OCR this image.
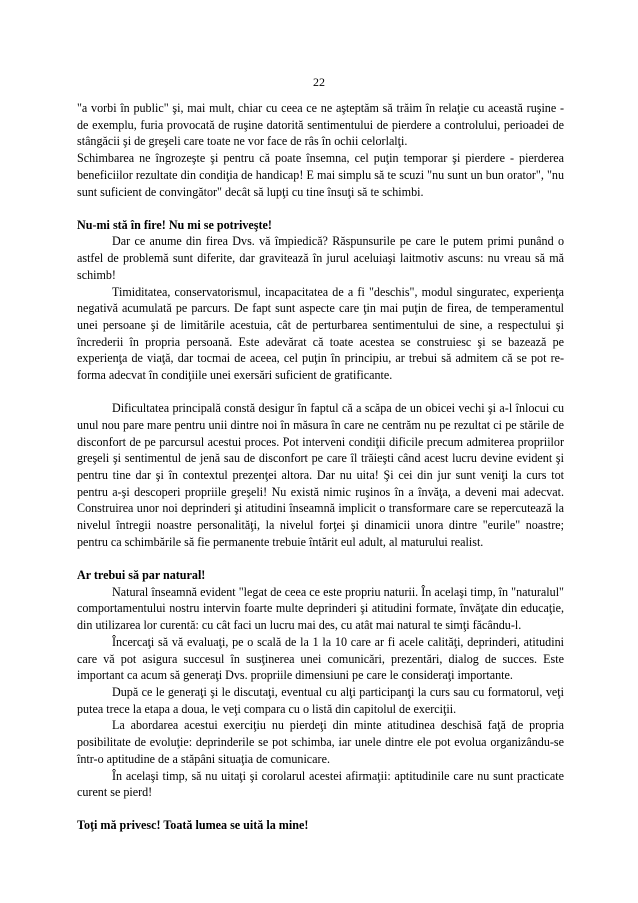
22

"a vorbi în public" şi, mai mult, chiar cu ceea ce ne aşteptăm să trăim în relaţie cu această ruşine - de exemplu, furia provocată de ruşine datorită sentimentului de pierdere a controlului, perioadei de stângăcii şi de greşeli care toate ne vor face de râs în ochii celorlalţi.

Schimbarea ne îngrozeşte şi pentru că poate însemna, cel puţin temporar şi pierdere - pierderea beneficiilor rezultate din condiţia de handicap! E mai simplu să te scuzi "nu sunt un bun orator", "nu sunt suficient de convingător" decât să lupţi cu tine însuţi să te schimbi.

Nu-mi stă în fire! Nu mi se potriveşte!

Dar ce anume din firea Dvs. vă împiedică? Răspunsurile pe care le putem primi punând o astfel de problemă sunt diferite, dar gravitează în jurul aceluiaşi laitmotiv ascuns: nu vreau să mă schimb!

Timiditatea, conservatorismul, incapacitatea de a fi "deschis", modul singuratec, experienţa negativă acumulată pe parcurs. De fapt sunt aspecte care ţin mai puţin de firea, de temperamentul unei persoane şi de limitările acestuia, cât de perturbarea sentimentului de sine, a respectului şi încrederii în propria persoană. Este adevărat că toate acestea se construiesc şi se bazează pe experienţa de viaţă, dar tocmai de aceea, cel puţin în principiu, ar trebui să admitem că se pot re-forma adecvat în condiţiile unei exersări suficient de gratificante.

Dificultatea principală constă desigur în faptul că a scăpa de un obicei vechi şi a-l înlocui cu unul nou pare mare pentru unii dintre noi în măsura în care ne centrăm nu pe rezultat ci pe stările de disconfort de pe parcursul acestui proces. Pot interveni condiţii dificile precum admiterea propriilor greşeli şi sentimentul de jenă sau de disconfort pe care îl trăieşti când acest lucru devine evident şi pentru tine dar şi în contextul prezenţei altora. Dar nu uita! Şi cei din jur sunt veniţi la curs tot pentru a-şi descoperi propriile greşeli! Nu există nimic ruşinos în a învăţa, a deveni mai adecvat. Construirea unor noi deprinderi şi atitudini înseamnă implicit o transformare care se repercutează la nivelul întregii noastre personalităţi, la nivelul forţei şi dinamicii unora dintre "eurile" noastre; pentru ca schimbările să fie permanente trebuie întărit eul adult, al maturului realist.

Ar trebui să par natural!

Natural înseamnă evident "legat de ceea ce este propriu naturii. În acelaşi timp, în "naturalul" comportamentului nostru intervin foarte multe deprinderi şi atitudini formate, învăţate din educaţie, din utilizarea lor curentă: cu cât faci un lucru mai des, cu atât mai natural te simţi făcându-l.

Încercaţi să vă evaluaţi, pe o scală de la 1 la 10 care ar fi acele calităţi, deprinderi, atitudini care vă pot asigura succesul în susţinerea unei comunicări, prezentări, dialog de succes. Este important ca acum să generaţi Dvs. propriile dimensiuni pe care le consideraţi importante.

După ce le generaţi şi le discutaţi, eventual cu alţi participanţi la curs sau cu formatorul, veţi putea trece la etapa a doua, le veţi compara cu o listă din capitolul de exerciţii.

La abordarea acestui exerciţiu nu pierdeţi din minte atitudinea deschisă faţă de propria posibilitate de evoluţie: deprinderile se pot schimba, iar unele dintre ele pot evolua organizându-se într-o aptitudine de a stăpâni situaţia de comunicare.

În acelaşi timp, să nu uitaţi şi corolarul acestei afirmaţii: aptitudinile care nu sunt practicate curent se pierd!

Toţi mă privesc! Toată lumea se uită la mine!
